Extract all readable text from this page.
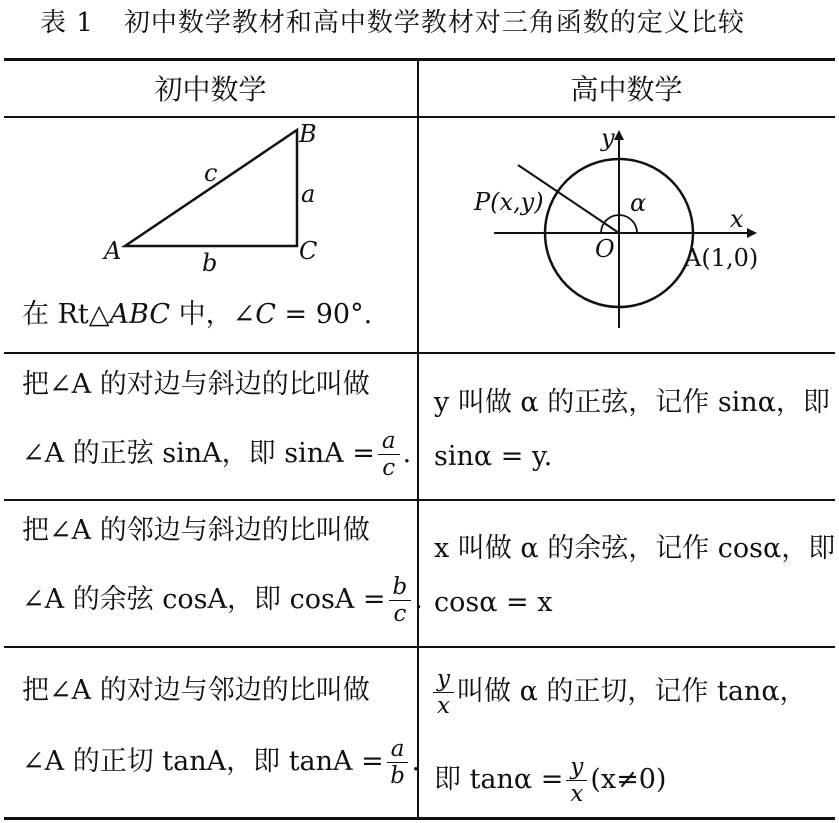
表 1 初中数学教材和高中数学教材对三角函数的定义比较
初中数学	高中数学
A
B
C
a
b
c
在 Rt△ABC 中，∠C = 90°.
y
x
α
P(x,y)
O	A(1,0)
把∠A 的对边与斜边的比叫做
∠A 的正弦 sinA，即 $\sin A = \frac{a}{c}$ .
y 叫做 α 的正弦，记作 sinα，即
sinα = y.
把∠A 的邻边与斜边的比叫做
∠A 的余弦 cosA，即 $\cos A = \frac{b}{c}$ .
x 叫做 α 的余弦，记作 cosα，即
cosα = x
把∠A 的对边与邻边的比叫做
∠A 的正切 tanA，即 $\tan A = \frac{a}{b}$ .
$\frac{y}{x}$ 叫做 α 的正切，记作 tanα，
即 $\tan\alpha = \frac{y}{x} (x\ne 0)$
